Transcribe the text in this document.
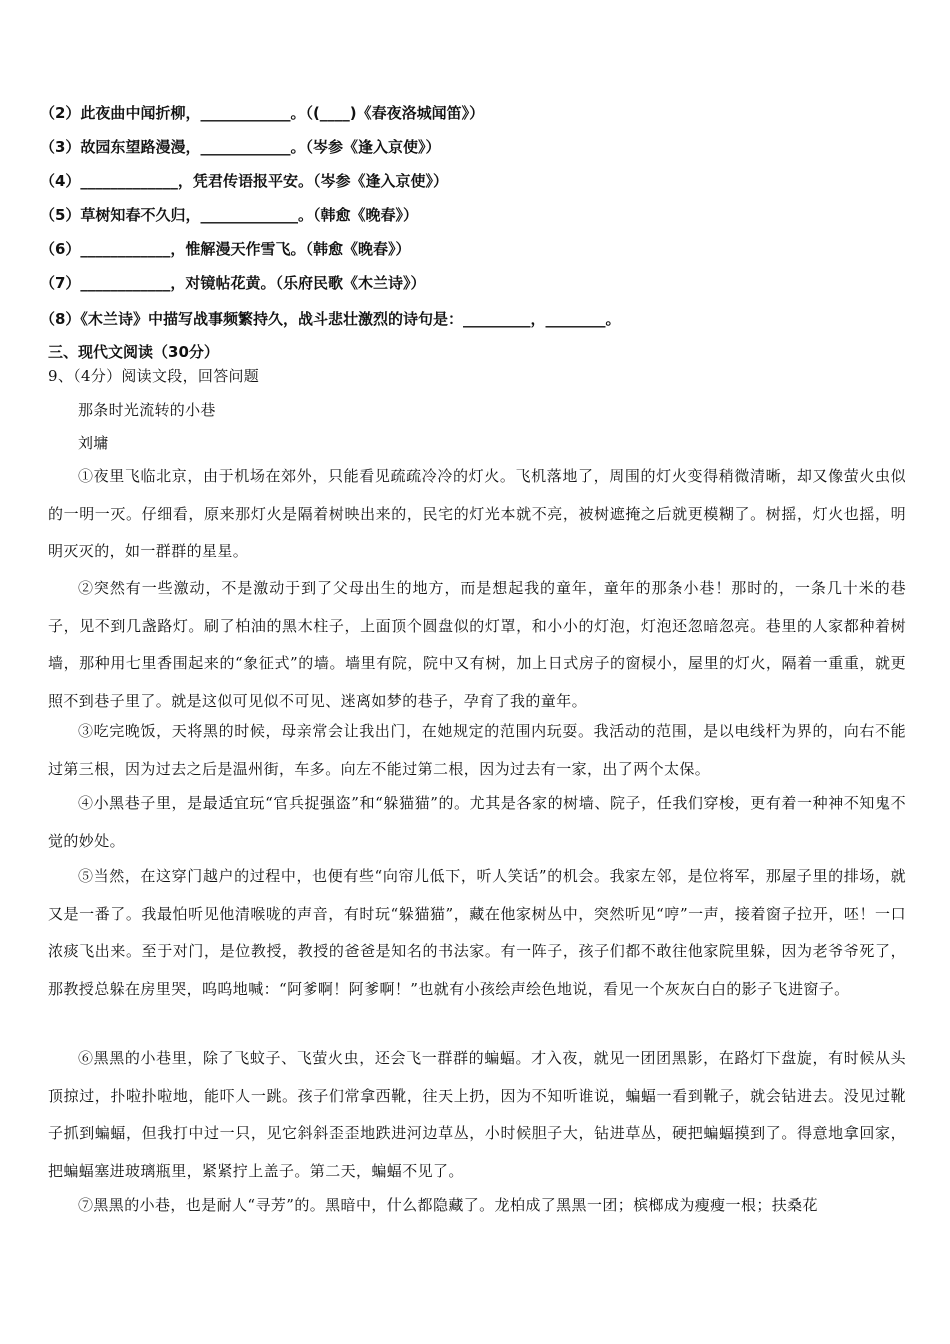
（2）此夜曲中闻折柳，____________。（(____)《春夜洛城闻笛》）
（3）故园东望路漫漫，____________。（岑参《逢入京使》）
（4）_____________，凭君传语报平安。（岑参《逢入京使》）
（5）草树知春不久归，_____________。（韩愈《晚春》）
（6）____________，惟解漫天作雪飞。（韩愈《晚春》）
（7）____________，对镜帖花黄。（乐府民歌《木兰诗》）
（8）《木兰诗》中描写战事频繁持久，战斗悲壮激烈的诗句是：_________，________。
三、现代文阅读（30分）
9、（4分）阅读文段，回答问题
那条时光流转的小巷
刘墉
①夜里飞临北京，由于机场在郊外，只能看见疏疏冷冷的灯火。飞机落地了，周围的灯火变得稍微清晰，却又像萤火虫似的一明一灭。仔细看，原来那灯火是隔着树映出来的，民宅的灯光本就不亮，被树遮掩之后就更模糊了。树摇，灯火也摇，明明灭灭的，如一群群的星星。
②突然有一些激动，不是激动于到了父母出生的地方，而是想起我的童年，童年的那条小巷！那时的，一条几十米的巷子，见不到几盏路灯。刷了柏油的黑木柱子，上面顶个圆盘似的灯罩，和小小的灯泡，灯泡还忽暗忽亮。巷里的人家都种着树墙，那种用七里香围起来的“象征式”的墙。墙里有院，院中又有树，加上日式房子的窗棂小，屋里的灯火，隔着一重重，就更照不到巷子里了。就是这似可见似不可见、迷离如梦的巷子，孕育了我的童年。
③吃完晚饭，天将黑的时候，母亲常会让我出门，在她规定的范围内玩耍。我活动的范围，是以电线杆为界的，向右不能过第三根，因为过去之后是温州街，车多。向左不能过第二根，因为过去有一家，出了两个太保。
④小黑巷子里，是最适宜玩“官兵捉强盗”和“躲猫猫”的。尤其是各家的树墙、院子，任我们穿梭，更有着一种神不知鬼不觉的妙处。
⑤当然，在这穿门越户的过程中，也便有些“向帘儿低下，听人笑话”的机会。我家左邻，是位将军，那屋子里的排场，就又是一番了。我最怕听见他清喉咙的声音，有时玩“躲猫猫”，藏在他家树丛中，突然听见“哼”一声，接着窗子拉开，呸！一口浓痰飞出来。至于对门，是位教授，教授的爸爸是知名的书法家。有一阵子，孩子们都不敢往他家院里躲，因为老爷爷死了，那教授总躲在房里哭，呜呜地喊：“阿爹啊！阿爹啊！”也就有小孩绘声绘色地说，看见一个灰灰白白的影子飞进窗子。
⑥黑黑的小巷里，除了飞蚊子、飞萤火虫，还会飞一群群的蝙蝠。才入夜，就见一团团黑影，在路灯下盘旋，有时候从头顶掠过，扑啦扑啦地，能吓人一跳。孩子们常拿西靴，往天上扔，因为不知听谁说，蝙蝠一看到靴子，就会钻进去。没见过靴子抓到蝙蝠，但我打中过一只，见它斜斜歪歪地跌进河边草丛，小时候胆子大，钻进草丛，硬把蝙蝠摸到了。得意地拿回家，把蝙蝠塞进玻璃瓶里，紧紧拧上盖子。第二天，蝙蝠不见了。
⑦黑黑的小巷，也是耐人“寻芳”的。黑暗中，什么都隐藏了。龙柏成了黑黑一团；槟榔成为瘦瘦一根；扶桑花
